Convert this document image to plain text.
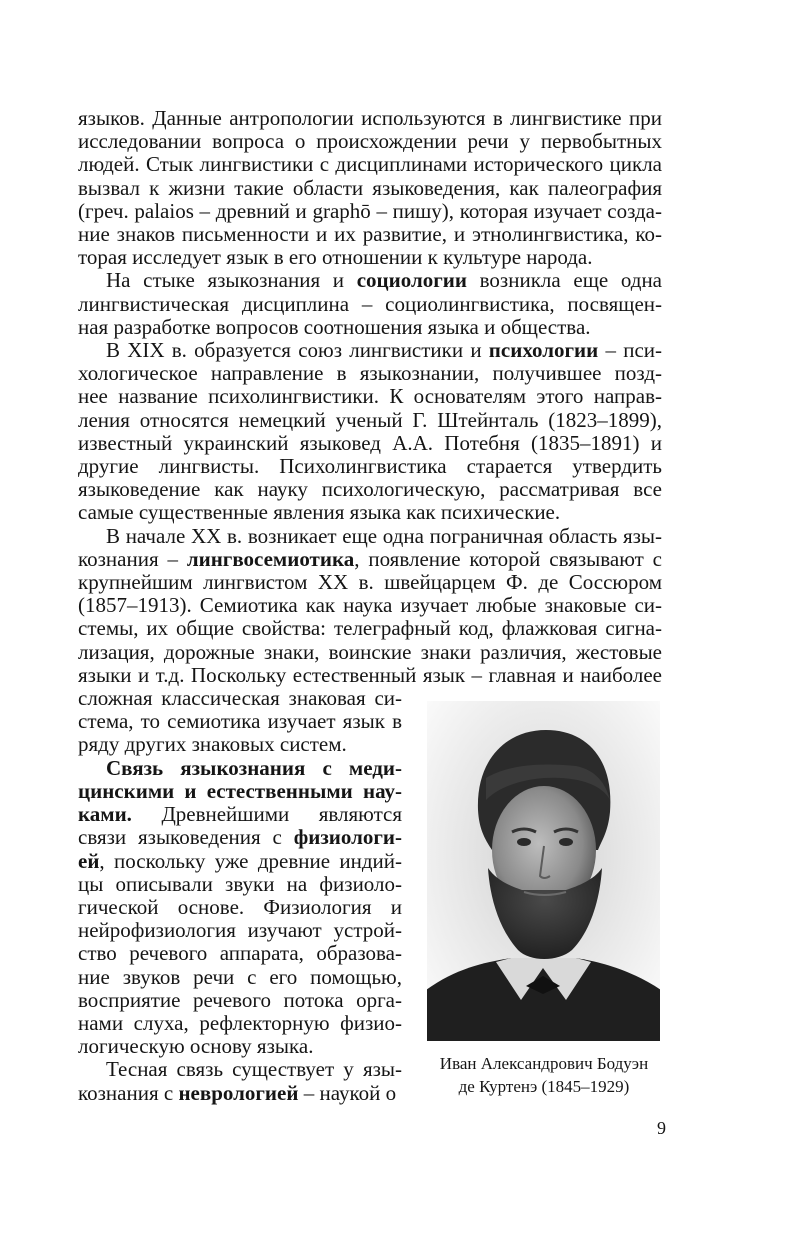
языков. Данные антропологии используются в лингвистике при
исследовании вопроса о происхождении речи у первобытных
людей. Стык лингвистики с дисциплинами исторического цикла
вызвал к жизни такие области языковедения, как палеография
(греч. palaios – древний и graphō – пишу), которая изучает созда-
ние знаков письменности и их развитие, и этнолингвистика, ко-
торая исследует язык в его отношении к культуре народа.
На стыке языкознания и социологии возникла еще одна
лингвистическая дисциплина – социолингвистика, посвящен-
ная разработке вопросов соотношения языка и общества.
В XIX в. образуется союз лингвистики и психологии – пси-
хологическое направление в языкознании, получившее позд-
нее название психолингвистики. К основателям этого направ-
ления относятся немецкий ученый Г. Штейнталь (1823–1899),
известный украинский языковед А.А. Потебня (1835–1891) и
другие лингвисты. Психолингвистика старается утвердить
языковедение как науку психологическую, рассматривая все
самые существенные явления языка как психические.
В начале XX в. возникает еще одна пограничная область язы-
кознания – лингвосемиотика, появление которой связывают с
крупнейшим лингвистом XX в. швейцарцем Ф. де Соссюром
(1857–1913). Семиотика как наука изучает любые знаковые си-
стемы, их общие свойства: телеграфный код, флажковая сигна-
лизация, дорожные знаки, воинские знаки различия, жестовые
языки и т.д. Поскольку естественный язык – главная и наиболее
сложная классическая знаковая си-
стема, то семиотика изучает язык в
ряду других знаковых систем.
Связь языкознания с меди-
цинскими и естественными нау-
ками. Древнейшими являются
связи языковедения с физиологи-
ей, поскольку уже древние индий-
цы описывали звуки на физиоло-
гической основе. Физиология и
нейрофизиология изучают устрой-
ство речевого аппарата, образова-
ние звуков речи с его помощью,
восприятие речевого потока орга-
нами слуха, рефлекторную физио-
логическую основу языка.
Тесная связь существует у язы-
кознания с неврологией – наукой о
Иван Александрович Бодуэн
де Куртенэ (1845–1929)
9
